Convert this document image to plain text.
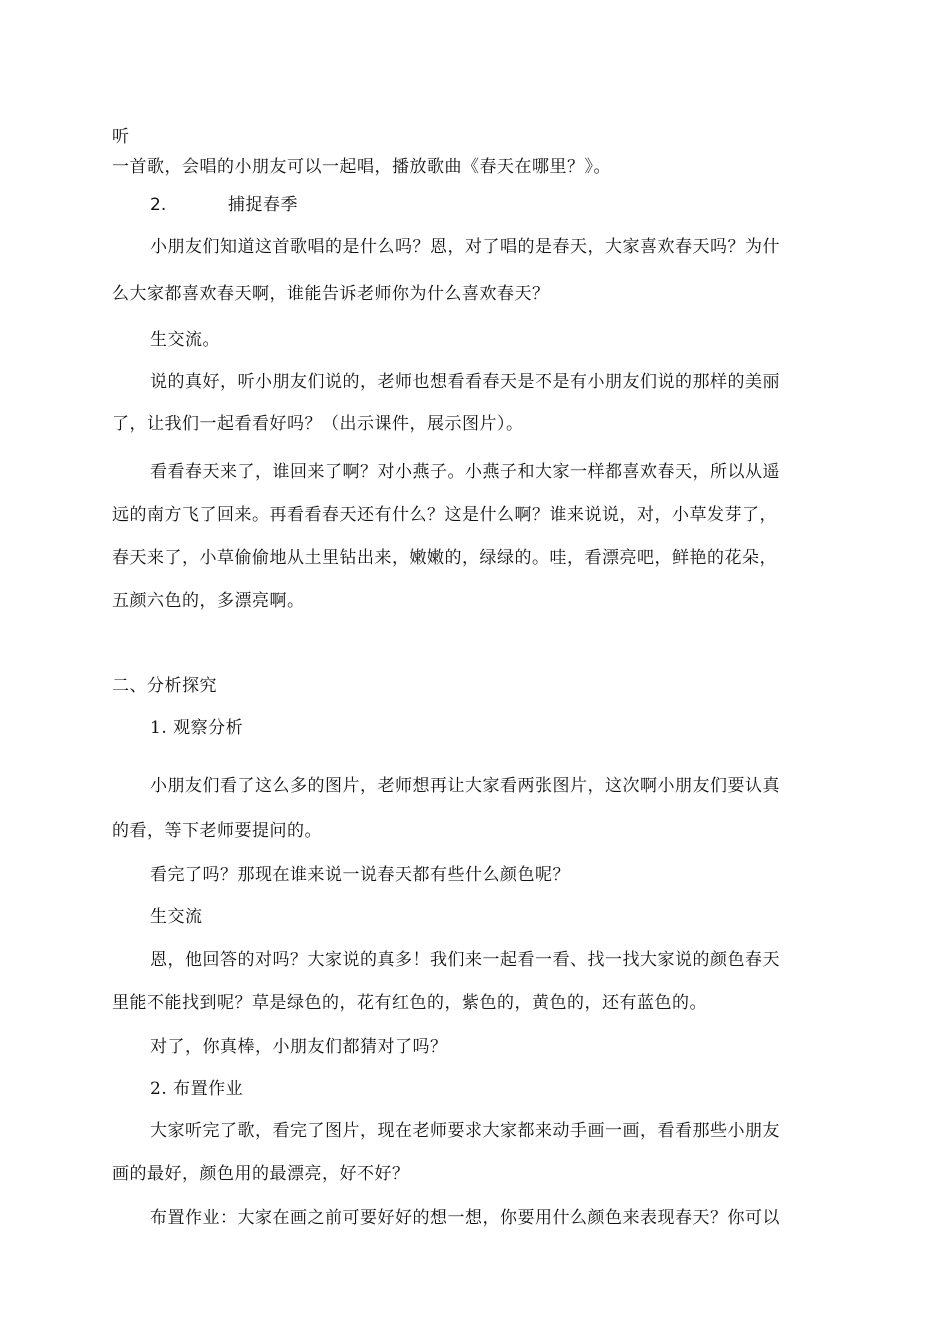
听
一首歌，会唱的小朋友可以一起唱，播放歌曲《春天在哪里？》。
2.	捕捉春季
小朋友们知道这首歌唱的是什么吗？恩，对了唱的是春天，大家喜欢春天吗？为什
么大家都喜欢春天啊，谁能告诉老师你为什么喜欢春天？
生交流。
说的真好，听小朋友们说的，老师也想看看春天是不是有小朋友们说的那样的美丽
了，让我们一起看看好吗？（出示课件，展示图片）。
看看春天来了，谁回来了啊？对小燕子。小燕子和大家一样都喜欢春天，所以从遥
远的南方飞了回来。再看看春天还有什么？这是什么啊？谁来说说，对，小草发芽了，
春天来了，小草偷偷地从土里钻出来，嫩嫩的，绿绿的。哇，看漂亮吧，鲜艳的花朵，
五颜六色的，多漂亮啊。
二、分析探究
1. 观察分析
小朋友们看了这么多的图片，老师想再让大家看两张图片，这次啊小朋友们要认真
的看，等下老师要提问的。
看完了吗？那现在谁来说一说春天都有些什么颜色呢？
生交流
恩，他回答的对吗？大家说的真多！我们来一起看一看、找一找大家说的颜色春天
里能不能找到呢？草是绿色的，花有红色的，紫色的，黄色的，还有蓝色的。
对了，你真棒，小朋友们都猜对了吗？
2. 布置作业
大家听完了歌，看完了图片，现在老师要求大家都来动手画一画，看看那些小朋友
画的最好，颜色用的最漂亮，好不好？
布置作业：大家在画之前可要好好的想一想，你要用什么颜色来表现春天？你可以
